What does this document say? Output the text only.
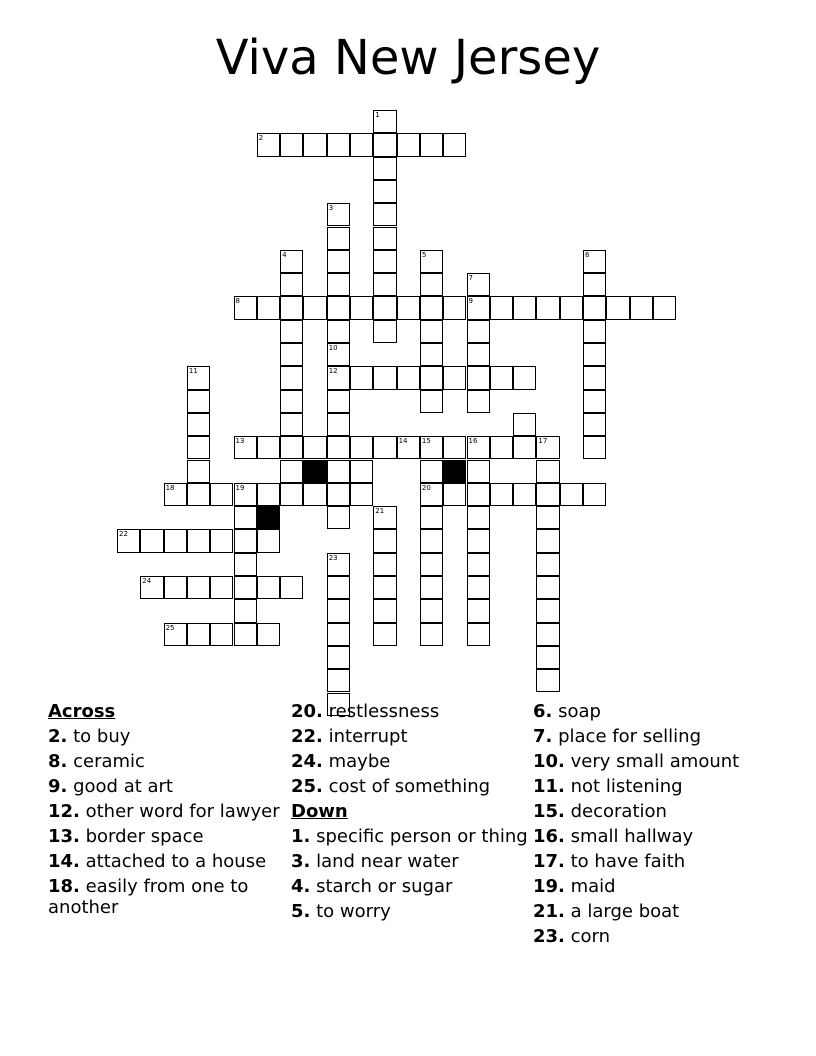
Viva New Jersey
1
2
3
10
12
4	5	6
7
9
8
11
13	14 15	16	17
20
18	19
21
22
23
24
25
Across

2. to buy

8. ceramic

9. good at art

12. other word for lawyer

13. border space

14. attached to a house

18. easily from one to another

20. restlessness

22. interrupt

24. maybe

25. cost of something

Down

1. specific person or thing

3. land near water

4. starch or sugar

5. to worry

6. soap

7. place for selling

10. very small amount

11. not listening

15. decoration

16. small hallway

17. to have faith

19. maid

21. a large boat

23. corn
